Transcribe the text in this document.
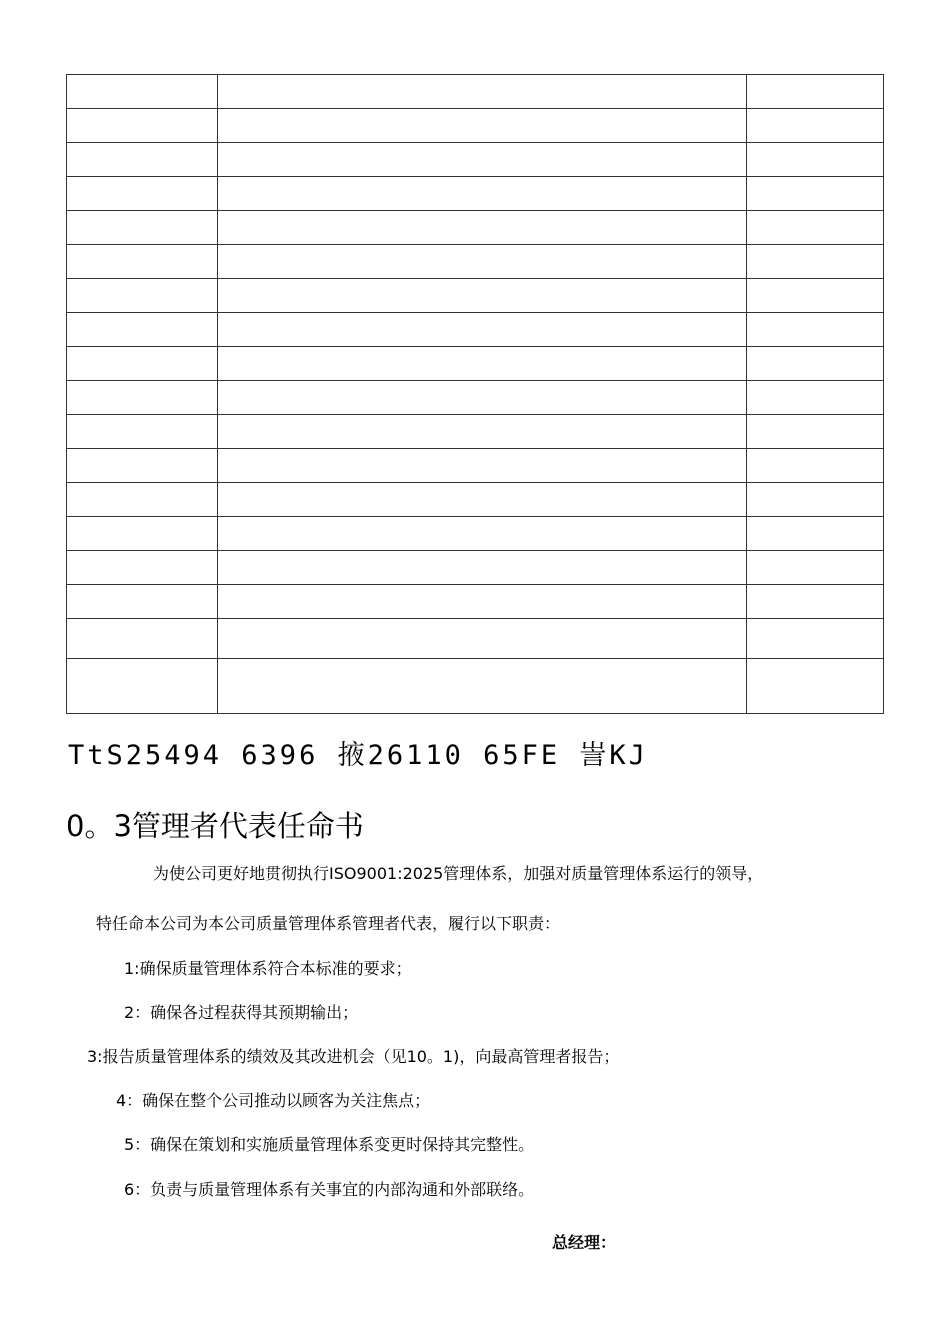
TtS25494 6396 掖26110 65FE 訔KJ
0。3管理者代表任命书
为使公司更好地贯彻执行ISO9001:2025管理体系，加强对质量管理体系运行的领导，
特任命本公司为本公司质量管理体系管理者代表，履行以下职责：
1:确保质量管理体系符合本标准的要求；
2：确保各过程获得其预期输出；
3:报告质量管理体系的绩效及其改进机会（见10。1)，向最高管理者报告；
4：确保在整个公司推动以顾客为关注焦点；
5：确保在策划和实施质量管理体系变更时保持其完整性。
6：负责与质量管理体系有关事宜的内部沟通和外部联络。
总经理：
